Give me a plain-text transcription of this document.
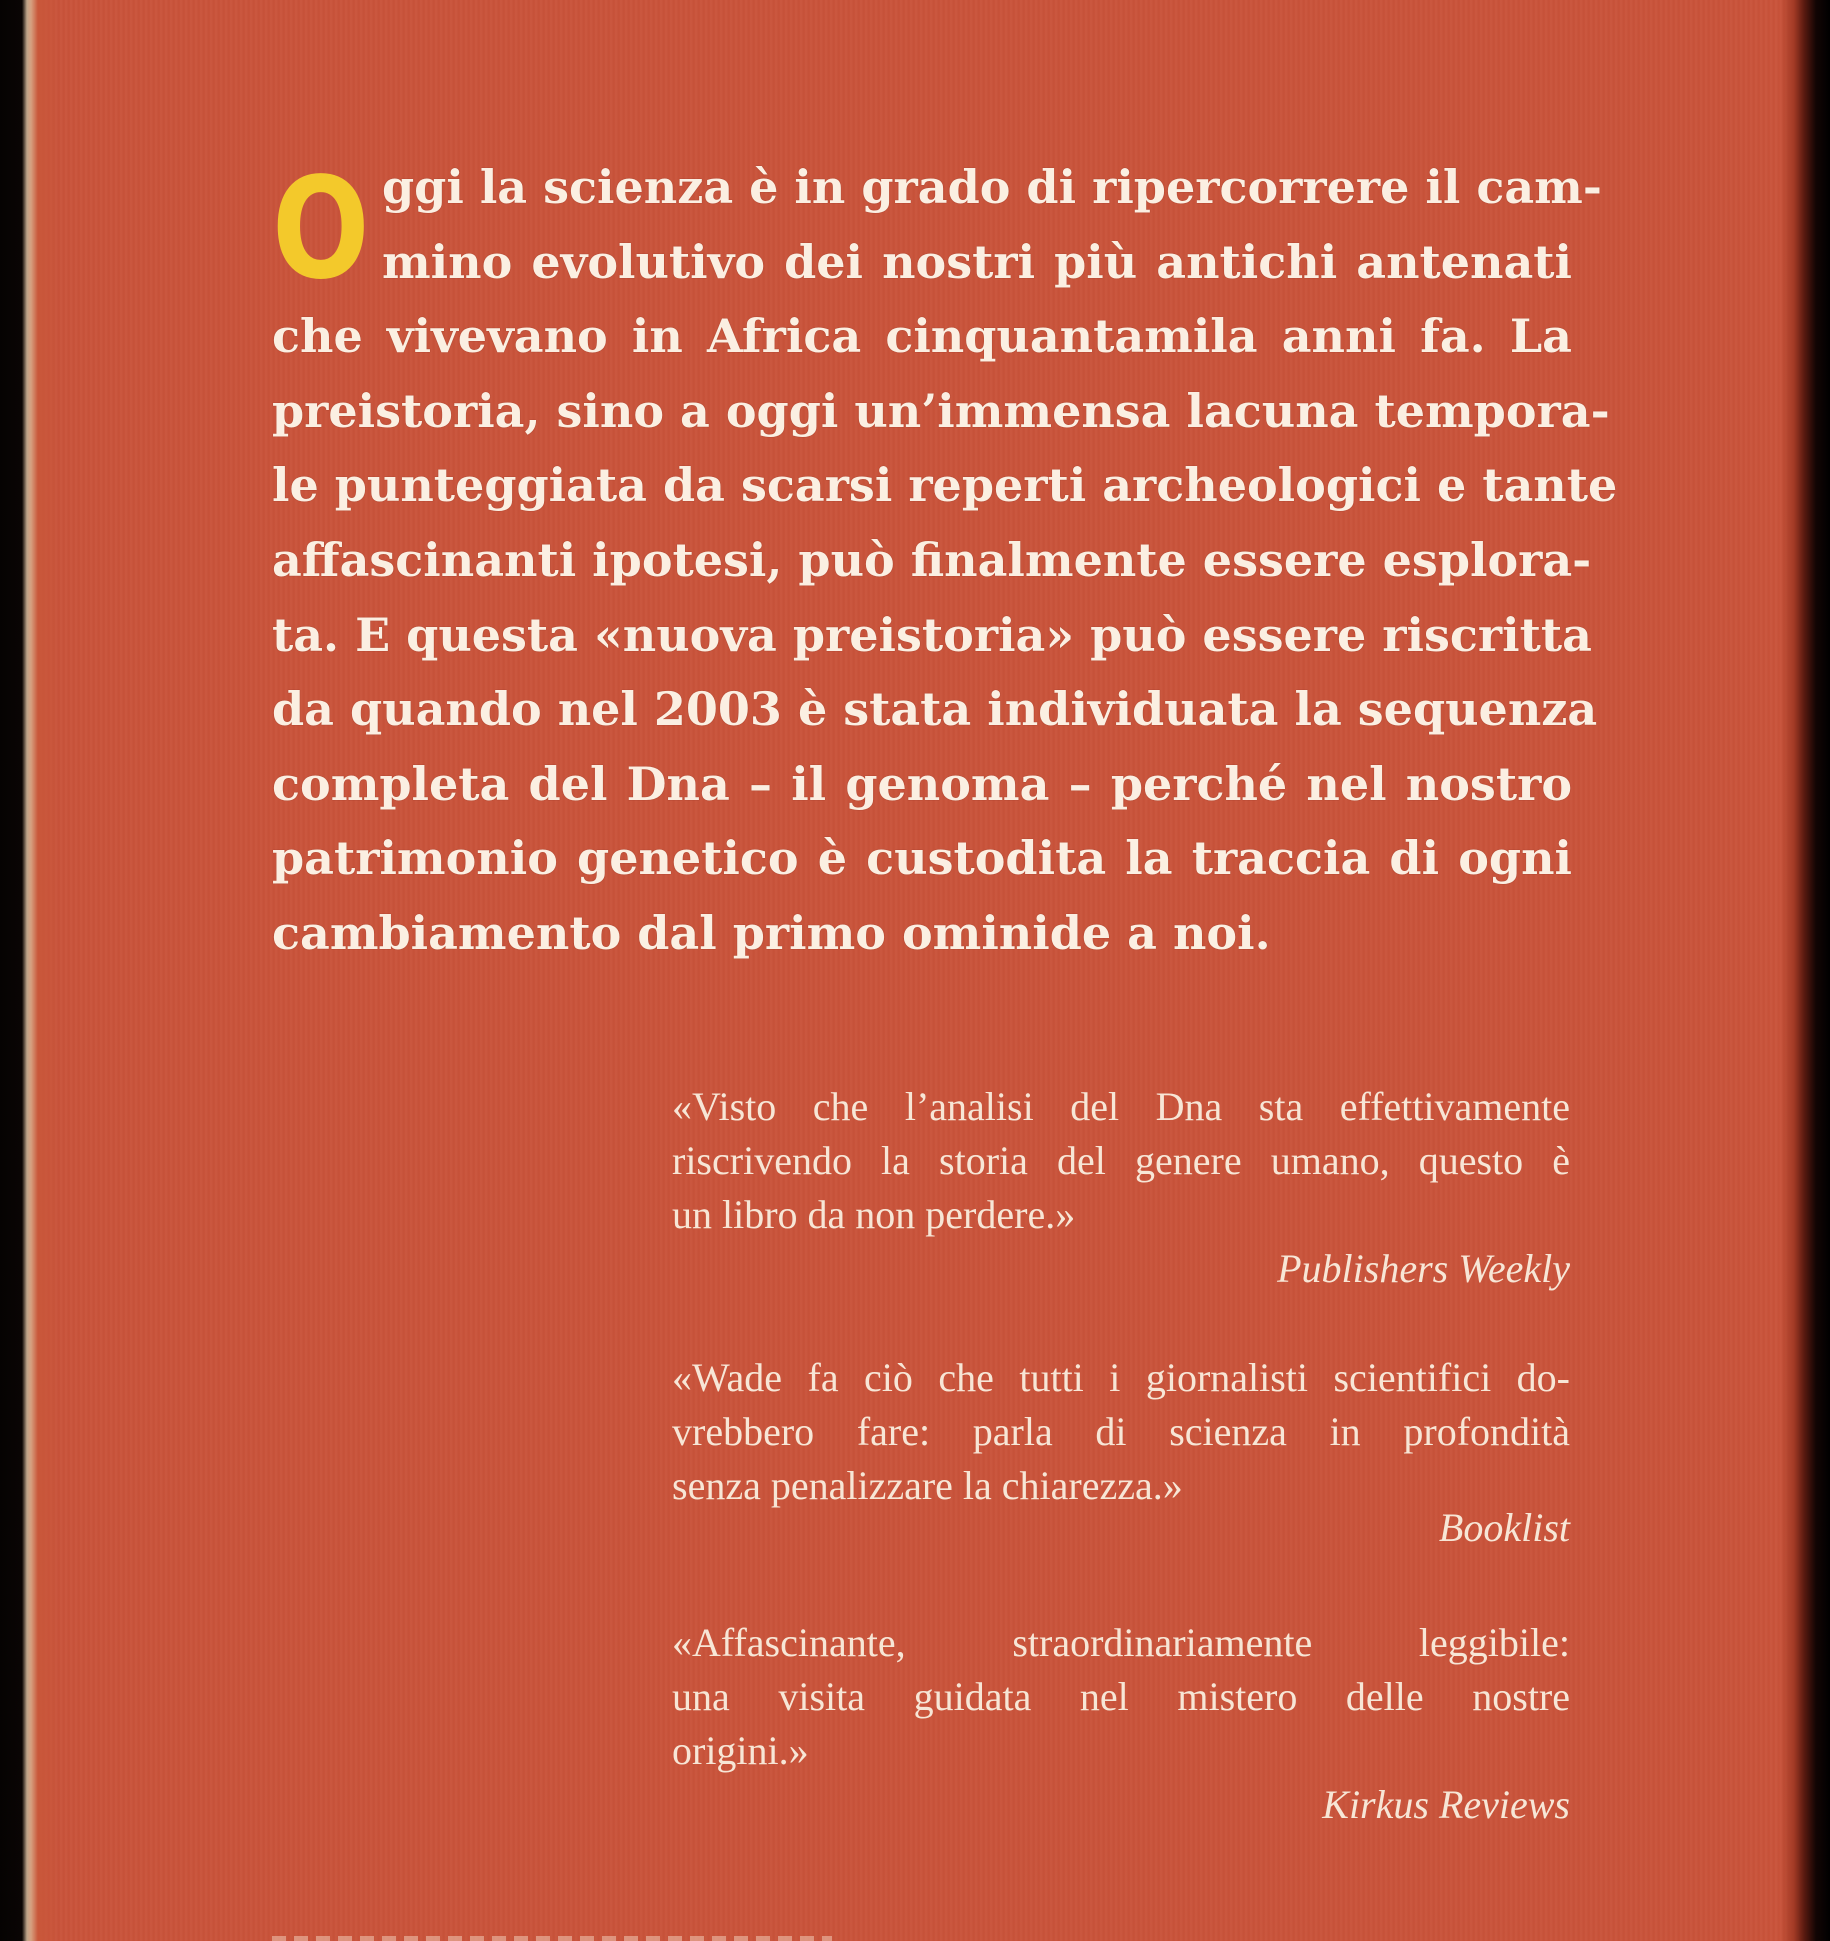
O ggi la scienza è in grado di ripercorrere il cam-
mino evolutivo dei nostri più antichi antenati
che vivevano in Africa cinquantamila anni fa. La
preistoria, sino a oggi un’immensa lacuna tempora-
le punteggiata da scarsi reperti archeologici e tante
affascinanti ipotesi, può finalmente essere esplora-
ta. E questa «nuova preistoria» può essere riscritta
da quando nel 2003 è stata individuata la sequenza
completa del Dna – il genoma – perché nel nostro
patrimonio genetico è custodita la traccia di ogni
cambiamento dal primo ominide a noi.
«Visto che l’analisi del Dna sta effettivamente
riscrivendo la storia del genere umano, questo è
un libro da non perdere.»
Publishers Weekly
«Wade fa ciò che tutti i giornalisti scientifici do-
vrebbero fare: parla di scienza in profondità
senza penalizzare la chiarezza.»
Booklist
«Affascinante, straordinariamente leggibile:
una visita guidata nel mistero delle nostre
origini.»
Kirkus Reviews
